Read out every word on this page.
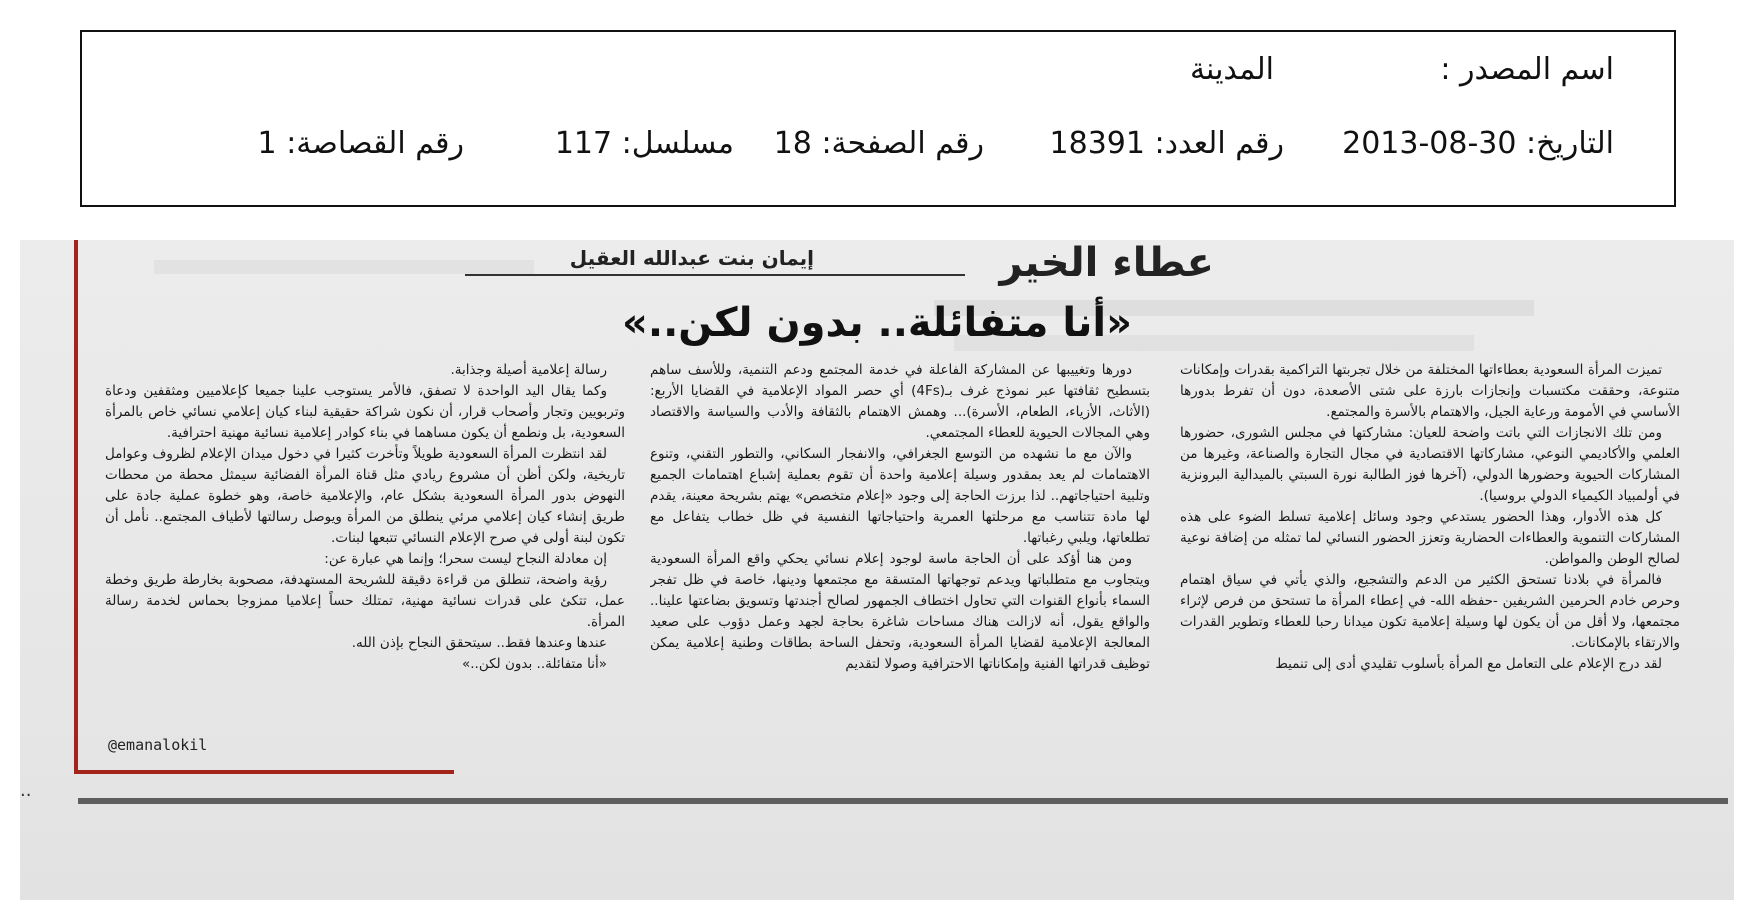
اسم المصدر :
المدينة
التاريخ: 2013-08-30
رقم العدد: 18391
رقم الصفحة: 18
مسلسل: 117
رقم القصاصة: 1
عطاء الخير
إيمان بنت عبدالله العقيل
«أنا متفائلة.. بدون لكن..»

تميزت المرأة السعودية بعطاءاتها المختلفة من خلال تجربتها التراكمية بقدرات وإمكانات متنوعة، وحققت مكتسبات وإنجازات بارزة على شتى الأصعدة، دون أن تفرط بدورها الأساسي في الأمومة ورعاية الجيل، والاهتمام بالأسرة والمجتمع.

ومن تلك الانجازات التي باتت واضحة للعيان: مشاركتها في مجلس الشورى، حضورها العلمي والأكاديمي النوعي، مشاركاتها الاقتصادية في مجال التجارة والصناعة، وغيرها من المشاركات الحيوية وحضورها الدولي، (آخرها فوز الطالبة نورة السبتي بالميدالية البرونزية في أولمبياد الكيمياء الدولي بروسيا).

كل هذه الأدوار، وهذا الحضور يستدعي وجود وسائل إعلامية تسلط الضوء على هذه المشاركات التنموية والعطاءات الحضارية وتعزز الحضور النسائي لما تمثله من إضافة نوعية لصالح الوطن والمواطن.

فالمرأة في بلادنا تستحق الكثير من الدعم والتشجيع، والذي يأتي في سياق اهتمام وحرص خادم الحرمين الشريفين -حفظه الله- في إعطاء المرأة ما تستحق من فرص لإثراء مجتمعها، ولا أقل من أن يكون لها وسيلة إعلامية تكون ميدانا رحبا للعطاء وتطوير القدرات والارتقاء بالإمكانات.

لقد درج الإعلام على التعامل مع المرأة بأسلوب تقليدي أدى إلى تنميط

دورها وتغييبها عن المشاركة الفاعلة في خدمة المجتمع ودعم التنمية، وللأسف ساهم بتسطيح ثقافتها عبر نموذج غرف بـ(4Fs) أي حصر المواد الإعلامية في القضايا الأربع: (الأثاث، الأزياء، الطعام، الأسرة)... وهمش الاهتمام بالثقافة والأدب والسياسة والاقتصاد وهي المجالات الحيوية للعطاء المجتمعي.

والآن مع ما نشهده من التوسع الجغرافي، والانفجار السكاني، والتطور التقني، وتنوع الاهتمامات لم يعد بمقدور وسيلة إعلامية واحدة أن تقوم بعملية إشباع اهتمامات الجميع وتلبية احتياجاتهم.. لذا برزت الحاجة إلى وجود «إعلام متخصص» يهتم بشريحة معينة، يقدم لها مادة تتناسب مع مرحلتها العمرية واحتياجاتها النفسية في ظل خطاب يتفاعل مع تطلعاتها، ويلبي رغباتها.

ومن هنا أؤكد على أن الحاجة ماسة لوجود إعلام نسائي يحكي واقع المرأة السعودية ويتجاوب مع متطلباتها ويدعم توجهاتها المتسقة مع مجتمعها ودينها، خاصة في ظل تفجر السماء بأنواع القنوات التي تحاول اختطاف الجمهور لصالح أجندتها وتسويق بضاعتها علينا.. والواقع يقول، أنه لازالت هناك مساحات شاغرة بحاجة لجهد وعمل دؤوب على صعيد المعالجة الإعلامية لقضايا المرأة السعودية، وتحفل الساحة بطاقات وطنية إعلامية يمكن توظيف قدراتها الفنية وإمكاناتها الاحترافية وصولا لتقديم

رسالة إعلامية أصيلة وجذابة.

وكما يقال اليد الواحدة لا تصفق، فالأمر يستوجب علينا جميعا كإعلاميين ومثقفين ودعاة وتربويين وتجار وأصحاب قرار، أن نكون شراكة حقيقية لبناء كيان إعلامي نسائي خاص بالمرأة السعودية، بل ونطمع أن يكون مساهما في بناء كوادر إعلامية نسائية مهنية احترافية.

لقد انتظرت المرأة السعودية طويلاً وتأخرت كثيرا في دخول ميدان الإعلام لظروف وعوامل تاريخية، ولكن أظن أن مشروع ريادي مثل قناة المرأة الفضائية سيمثل محطة من محطات النهوض بدور المرأة السعودية بشكل عام، والإعلامية خاصة، وهو خطوة عملية جادة على طريق إنشاء كيان إعلامي مرئي ينطلق من المرأة ويوصل رسالتها لأطياف المجتمع.. نأمل أن تكون لبنة أولى في صرح الإعلام النسائي تتبعها لبنات.

إن معادلة النجاح ليست سحرا؛ وإنما هي عبارة عن:

رؤية واضحة، تنطلق من قراءة دقيقة للشريحة المستهدفة، مصحوبة بخارطة طريق وخطة عمل، تتكئ على قدرات نسائية مهنية، تمتلك حساً إعلاميا ممزوجا بحماس لخدمة رسالة المرأة.

عندها وعندها فقط.. سيتحقق النجاح بإذن الله.

«أنا متفائلة.. بدون لكن..»

@emanalokil
··
